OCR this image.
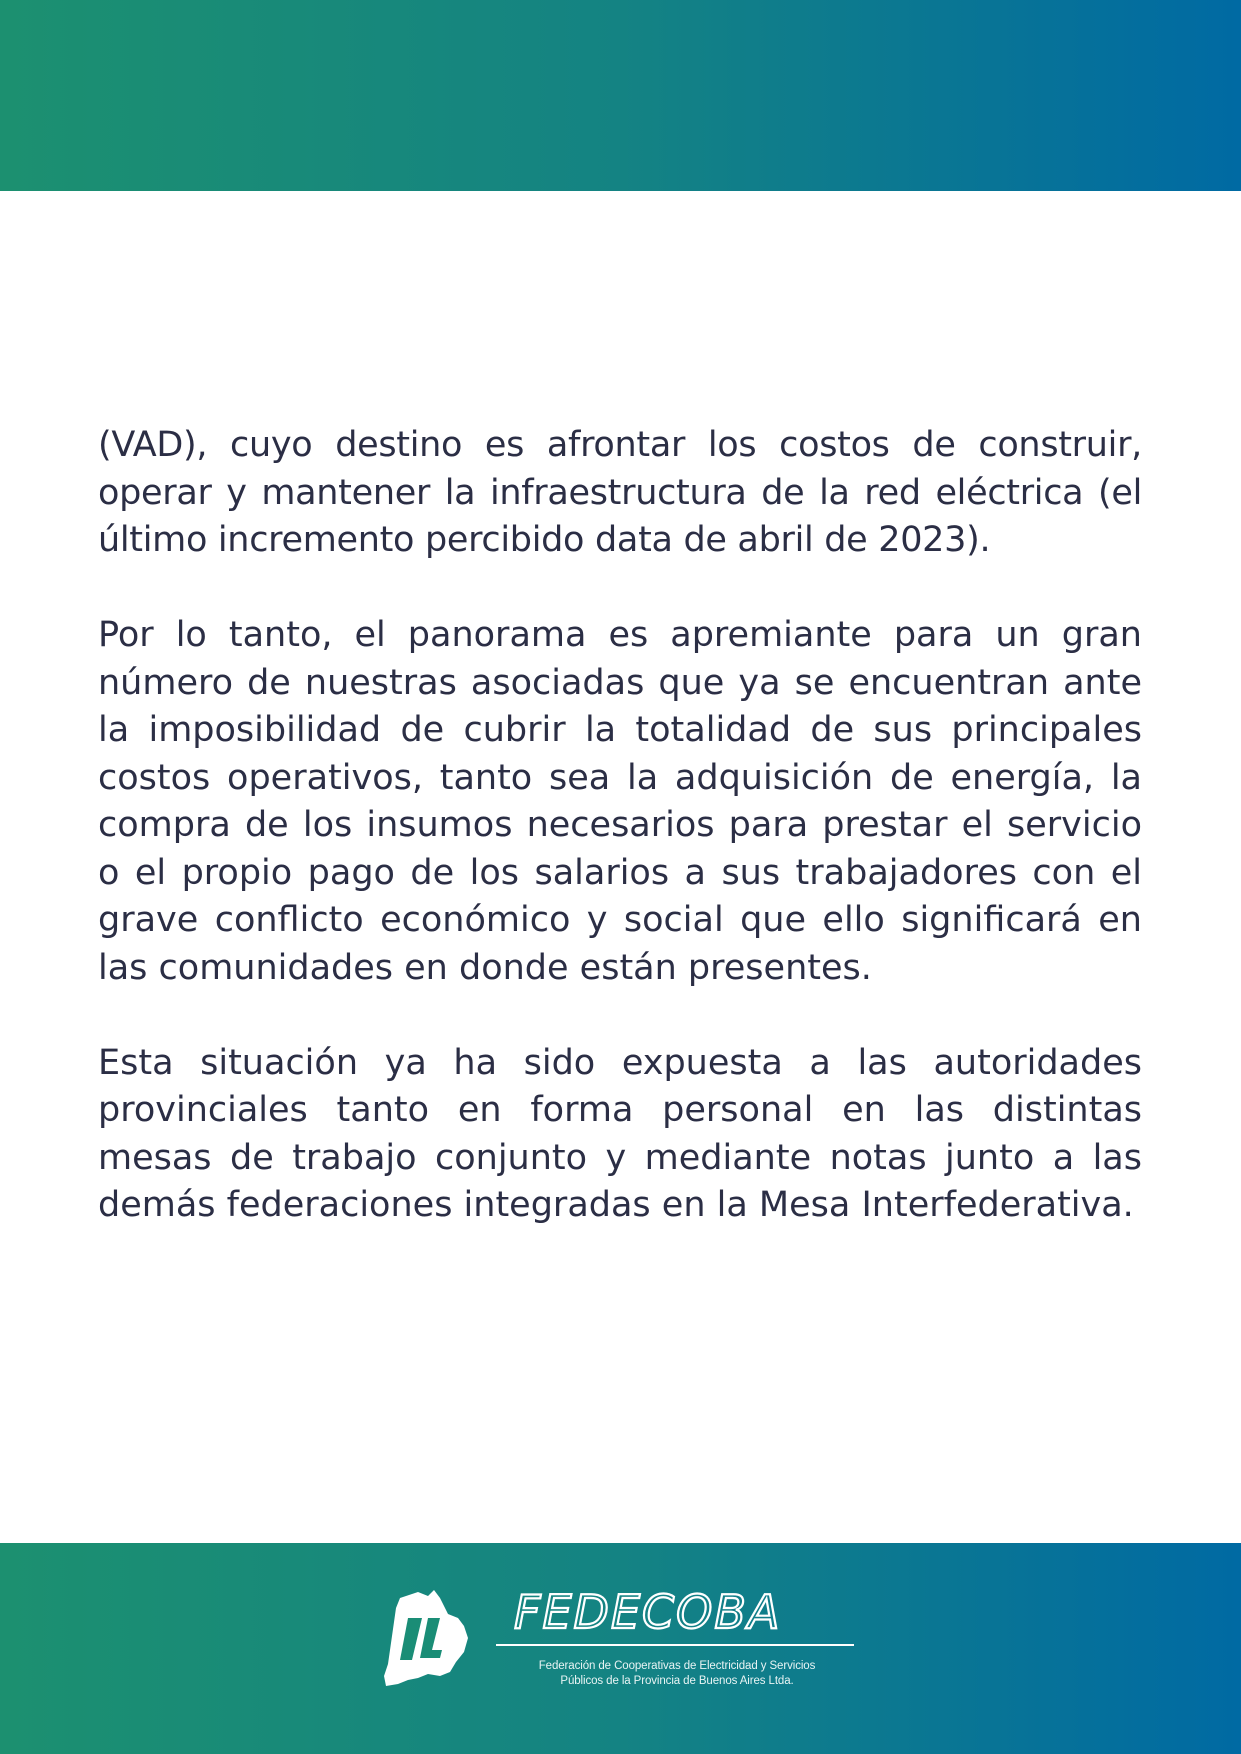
(VAD), cuyo destino es afrontar los costos de construir, operar y mantener la infraestructura de la red eléctrica (el último incremento percibido data de abril de 2023).

Por lo tanto, el panorama es apremiante para un gran número de nuestras asociadas que ya se encuentran ante la imposibilidad de cubrir la totalidad de sus principales costos operativos, tanto sea la adquisición de energía, la compra de los insumos necesarios para prestar el servicio o el propio pago de los salarios a sus trabajadores con el grave conflicto económico y social que ello significará en las comunidades en donde están presentes.

Esta situación ya ha sido expuesta a las autoridades provinciales tanto en forma personal en las distintas mesas de trabajo conjunto y mediante notas junto a las demás federaciones integradas en la Mesa Interfederativa.

FEDECOBA
Federación de Cooperativas de Electricidad y Servicios
Públicos de la Provincia de Buenos Aires Ltda.
